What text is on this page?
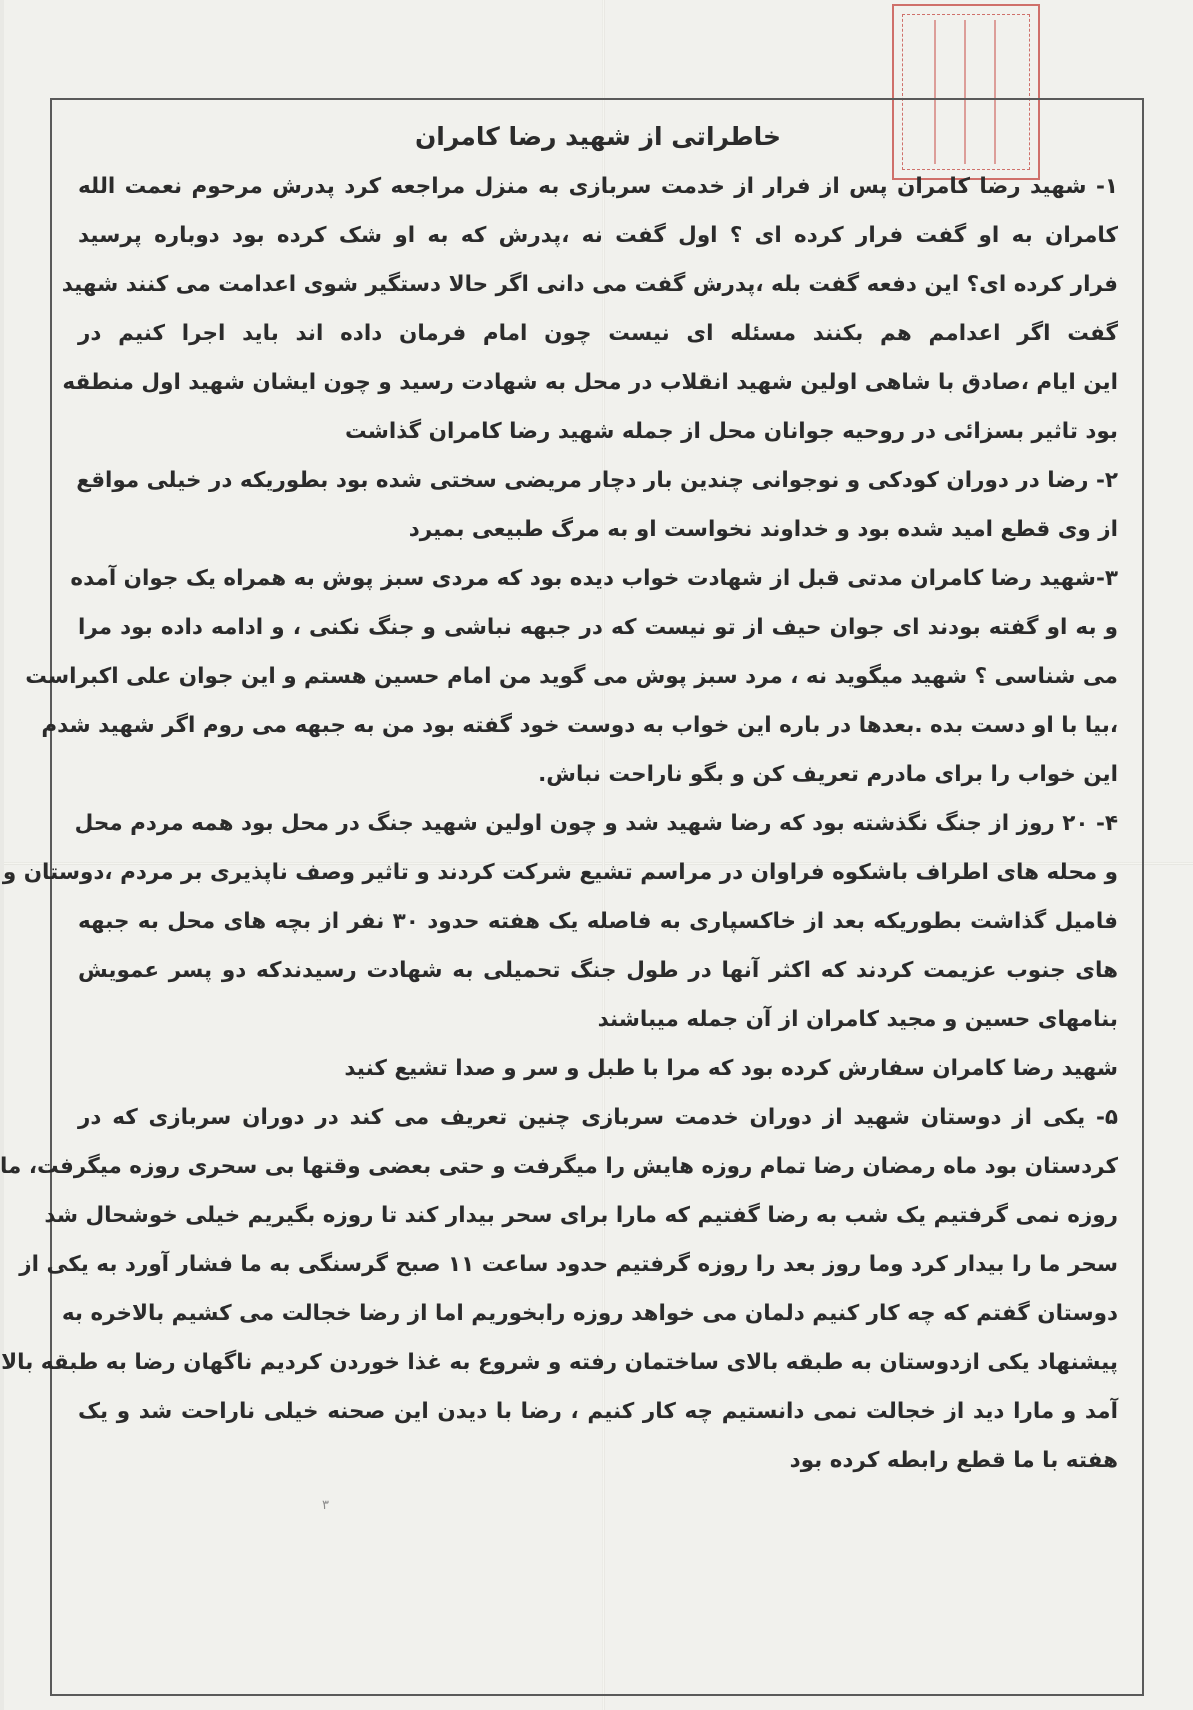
خاطراتی از شهید رضا کامران

۱- شهید رضا کامران پس از فرار از خدمت سربازی به منزل مراجعه کرد پدرش مرحوم نعمت الله

کامران به او گفت فرار کرده ای ؟ اول گفت نه ،پدرش که به او شک کرده بود دوباره پرسید

فرار کرده ای؟ این دفعه گفت بله ،پدرش گفت می دانی اگر حالا دستگیر شوی اعدامت می کنند شهید

گفت اگر اعدامم هم بکنند مسئله ای نیست چون امام فرمان داده اند باید اجرا کنیم در

این ایام ،صادق با شاهی اولین شهید انقلاب در محل به شهادت رسید و چون ایشان شهید اول منطقه

بود تاثیر بسزائی در روحیه جوانان محل از جمله شهید رضا کامران گذاشت

۲- رضا در دوران کودکی و نوجوانی چندین بار دچار مریضی سختی شده بود بطوریکه در خیلی مواقع

از وی قطع امید شده بود و خداوند نخواست او به مرگ طبیعی بمیرد

۳-شهید رضا کامران مدتی قبل از شهادت خواب دیده بود که مردی سبز پوش به همراه یک جوان آمده

و به او گفته بودند ای جوان حیف از تو نیست که در جبهه نباشی و جنگ نکنی ، و ادامه داده بود مرا

می شناسی ؟ شهید میگوید نه ، مرد سبز پوش می گوید من امام حسین هستم و این جوان علی اکبراست

،بیا با او دست بده .بعدها در باره این خواب به دوست خود گفته بود من به جبهه می روم اگر شهید شدم

این خواب را برای مادرم تعریف کن و بگو ناراحت نباش.

۴- ۲۰ روز از جنگ نگذشته بود که رضا شهید شد و چون اولین شهید جنگ در محل بود همه مردم محل

و محله های اطراف باشکوه فراوان در مراسم تشیع شرکت کردند و تاثیر وصف ناپذیری بر مردم ،دوستان و

فامیل گذاشت بطوریکه بعد از خاکسپاری به فاصله یک هفته حدود ۳۰ نفر از بچه های محل به جبهه

های جنوب عزیمت کردند که اکثر آنها در طول جنگ تحمیلی به شهادت رسیدندکه دو پسر عمویش

بنامهای حسین و مجید کامران از آن جمله میباشند

شهید رضا کامران سفارش کرده بود که مرا با طبل و سر و صدا تشیع کنید

۵- یکی از دوستان شهید از دوران خدمت سربازی چنین تعریف می کند در دوران سربازی که در

کردستان بود ماه رمضان رضا تمام روزه هایش را میگرفت و حتی بعضی وقتها بی سحری روزه میگرفت، ما

روزه نمی گرفتیم یک شب به رضا گفتیم که مارا برای سحر بیدار کند تا روزه بگیریم خیلی خوشحال شد

سحر ما را بیدار کرد وما روز بعد را روزه گرفتیم حدود ساعت ۱۱ صبح گرسنگی به ما فشار آورد به یکی از

دوستان گفتم که چه کار کنیم دلمان می خواهد روزه رابخوریم اما از رضا خجالت می کشیم بالاخره به

پیشنهاد یکی ازدوستان به طبقه بالای ساختمان رفته و شروع به غذا خوردن کردیم ناگهان رضا به طبقه بالا

آمد و مارا دید از خجالت نمی دانستیم چه کار کنیم ، رضا با دیدن این صحنه خیلی ناراحت شد و یک

هفته با ما قطع رابطه کرده بود

۳
